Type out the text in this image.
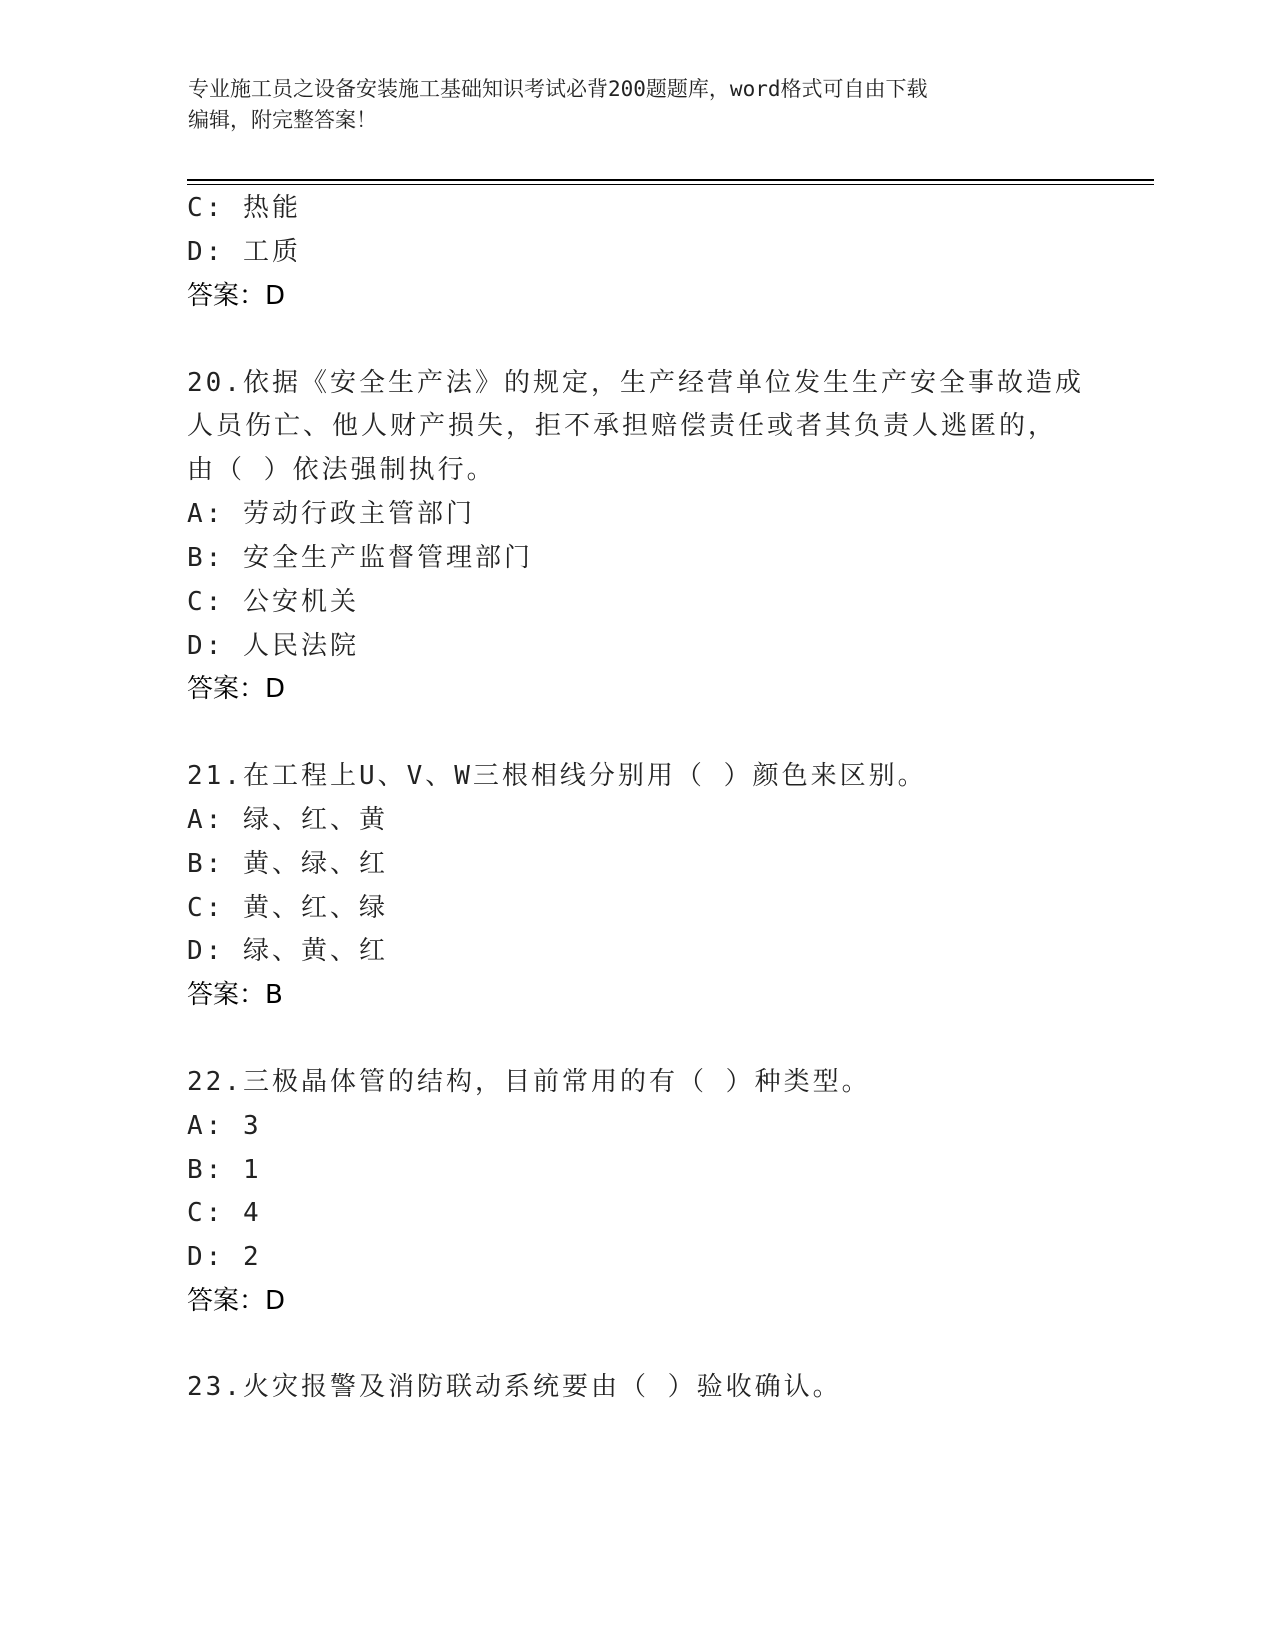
专业施工员之设备安装施工基础知识考试必背200题题库，word格式可自由下载
编辑，附完整答案！
C: 热能
D: 工质
答案：D
20.依据《安全生产法》的规定，生产经营单位发生生产安全事故造成
人员伤亡、他人财产损失，拒不承担赔偿责任或者其负责人逃匿的，
由（ ）依法强制执行。
A: 劳动行政主管部门
B: 安全生产监督管理部门
C: 公安机关
D: 人民法院
答案：D
21.在工程上U、V、W三根相线分别用（ ）颜色来区别。
A: 绿、红、黄
B: 黄、绿、红
C: 黄、红、绿
D: 绿、黄、红
答案：B
22.三极晶体管的结构，目前常用的有（ ）种类型。
A: 3
B: 1
C: 4
D: 2
答案：D
23.火灾报警及消防联动系统要由（ ）验收确认。
